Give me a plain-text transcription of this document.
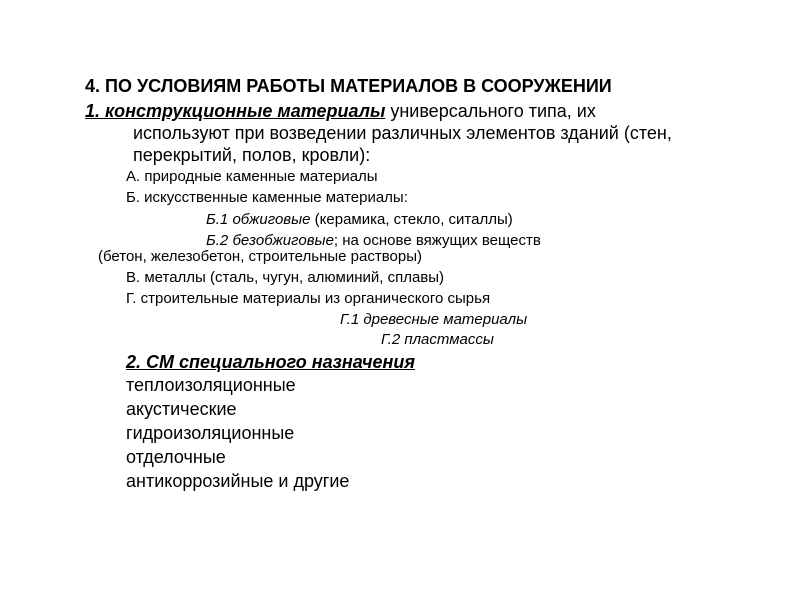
4. ПО УСЛОВИЯМ РАБОТЫ МАТЕРИАЛОВ В СООРУЖЕНИИ
1. конструкционные материалы универсального типа, их
используют при возведении различных элементов зданий (стен,
перекрытий, полов, кровли):
А. природные каменные материалы
Б. искусственные каменные материалы:
Б.1 обжиговые (керамика, стекло, ситаллы)
Б.2 безобжиговые; на основе вяжущих веществ
(бетон, железобетон, строительные растворы)
В. металлы (сталь, чугун, алюминий, сплавы)
Г. строительные материалы из органического сырья
Г.1 древесные материалы
Г.2 пластмассы
2. СМ специального назначения
теплоизоляционные
акустические
гидроизоляционные
отделочные
антикоррозийные и другие
